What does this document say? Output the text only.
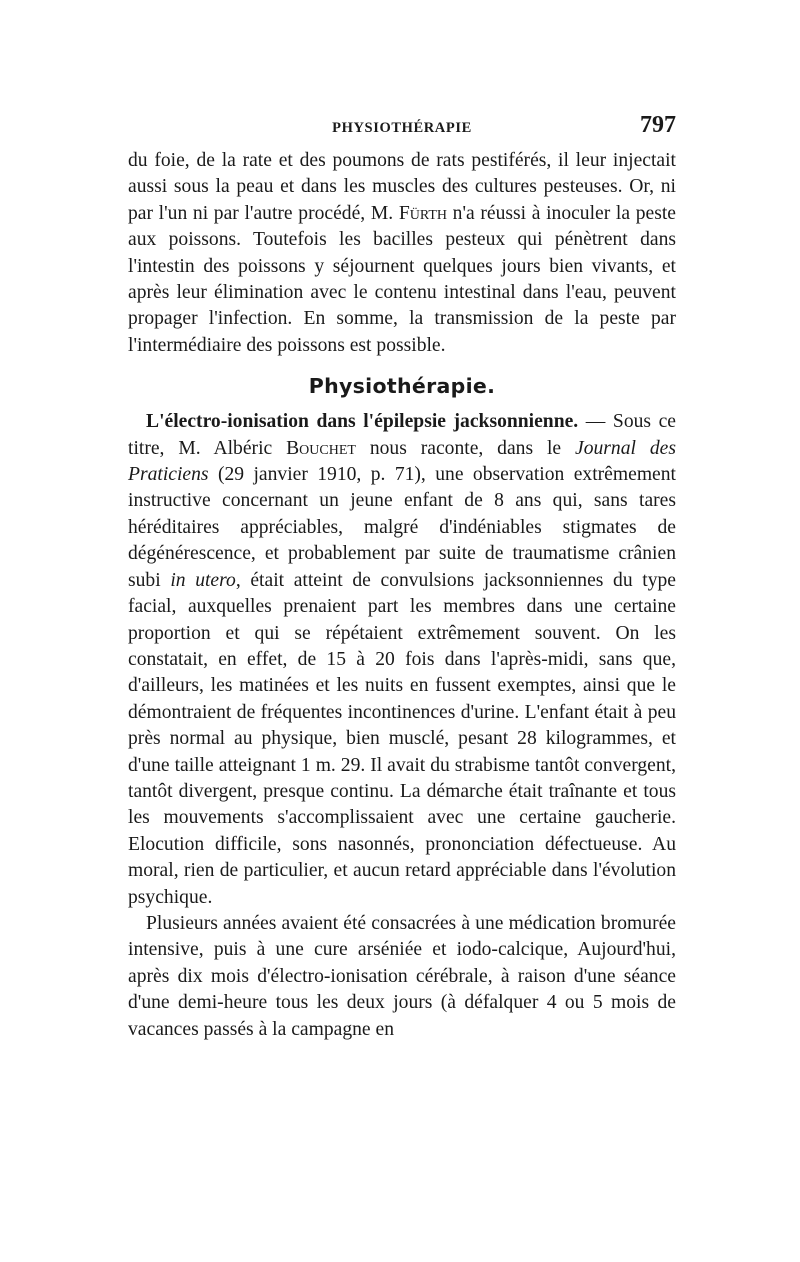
PHYSIOTHÉRAPIE	797

du foie, de la rate et des poumons de rats pestiférés, il leur injectait aussi sous la peau et dans les muscles des cultures pesteuses. Or, ni par l'un ni par l'autre procédé, M. Fürth n'a réussi à inoculer la peste aux poissons. Toutefois les bacilles pesteux qui pénètrent dans l'intestin des poissons y séjournent quelques jours bien vivants, et après leur élimination avec le contenu intestinal dans l'eau, peuvent propager l'infection. En somme, la transmission de la peste par l'intermédiaire des poissons est possible.

Physiothérapie.

L'électro-ionisation dans l'épilepsie jacksonnienne. — Sous ce titre, M. Albéric Bouchet nous raconte, dans le Journal des Praticiens (29 janvier 1910, p. 71), une observation extrêmement instructive concernant un jeune enfant de 8 ans qui, sans tares héréditaires appréciables, malgré d'indéniables stigmates de dégénérescence, et probablement par suite de traumatisme crânien subi in utero, était atteint de convulsions jacksonniennes du type facial, auxquelles prenaient part les membres dans une certaine proportion et qui se répétaient extrêmement souvent. On les constatait, en effet, de 15 à 20 fois dans l'après-midi, sans que, d'ailleurs, les matinées et les nuits en fussent exemptes, ainsi que le démontraient de fréquentes incontinences d'urine. L'enfant était à peu près normal au physique, bien musclé, pesant 28 kilogrammes, et d'une taille atteignant 1 m. 29. Il avait du strabisme tantôt convergent, tantôt divergent, presque continu. La démarche était traînante et tous les mouvements s'accomplissaient avec une certaine gaucherie. Elocution difficile, sons nasonnés, prononciation défectueuse. Au moral, rien de particulier, et aucun retard appréciable dans l'évolution psychique.

Plusieurs années avaient été consacrées à une médication bromurée intensive, puis à une cure arséniée et iodo-calcique, Aujourd'hui, après dix mois d'électro-ionisation cérébrale, à raison d'une séance d'une demi-heure tous les deux jours (à défalquer 4 ou 5 mois de vacances passés à la campagne en
